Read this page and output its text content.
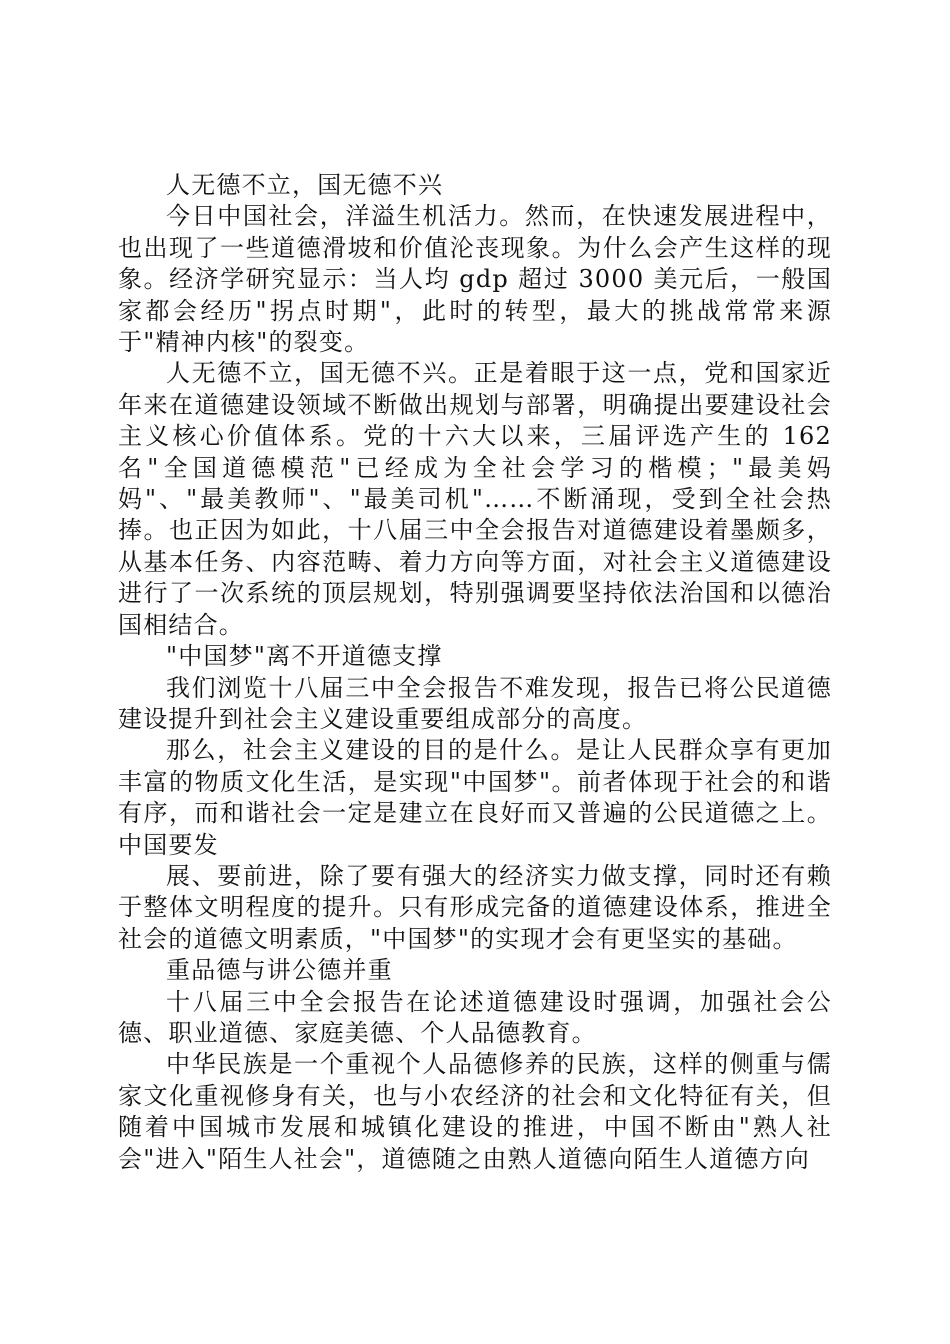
人无德不立，国无德不兴

今日中国社会，洋溢生机活力。然而，在快速发展进程中，也出现了一些道德滑坡和价值沦丧现象。为什么会产生这样的现象。经济学研究显示：当人均 gdp 超过 3000 美元后，一般国家都会经历"拐点时期"，此时的转型，最大的挑战常常来源于"精神内核"的裂变。

人无德不立，国无德不兴。正是着眼于这一点，党和国家近年来在道德建设领域不断做出规划与部署，明确提出要建设社会主义核心价值体系。党的十六大以来，三届评选产生的 162 名"全国道德模范"已经成为全社会学习的楷模；"最美妈妈"、"最美教师"、"最美司机"……不断涌现，受到全社会热捧。也正因为如此，十八届三中全会报告对道德建设着墨颇多，从基本任务、内容范畴、着力方向等方面，对社会主义道德建设进行了一次系统的顶层规划，特别强调要坚持依法治国和以德治国相结合。

"中国梦"离不开道德支撑

我们浏览十八届三中全会报告不难发现，报告已将公民道德建设提升到社会主义建设重要组成部分的高度。

那么，社会主义建设的目的是什么。是让人民群众享有更加丰富的物质文化生活，是实现"中国梦"。前者体现于社会的和谐有序，而和谐社会一定是建立在良好而又普遍的公民道德之上。中国要发

展、要前进，除了要有强大的经济实力做支撑，同时还有赖于整体文明程度的提升。只有形成完备的道德建设体系，推进全社会的道德文明素质，"中国梦"的实现才会有更坚实的基础。

重品德与讲公德并重

十八届三中全会报告在论述道德建设时强调，加强社会公德、职业道德、家庭美德、个人品德教育。

中华民族是一个重视个人品德修养的民族，这样的侧重与儒家文化重视修身有关，也与小农经济的社会和文化特征有关，但随着中国城市发展和城镇化建设的推进，中国不断由"熟人社会"进入"陌生人社会"，道德随之由熟人道德向陌生人道德方向
